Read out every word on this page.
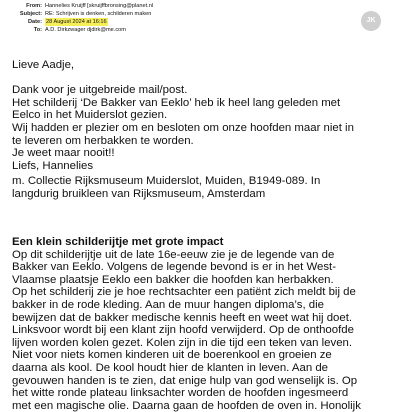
From: Hannelies Kruijff [skruijffbronsing@planet.nl
Subject: RE: Schrijven is denken, schilderen maken
Date: 28 August 2024 at 16:16
To: A.D. Dirkzwager djdirk@me.com
JK
Lieve Aadje,
Dank voor je uitgebreide mail/post.
Het schilderij ‘De Bakker van Eeklo’ heb ik heel lang geleden met
Eelco in het Muiderslot gezien.
Wij hadden er plezier om en besloten om onze hoofden maar niet in
te leveren om herbakken te worden.
Je weet maar nooit!!
Liefs, Hannelies
m. Collectie Rijksmuseum Muiderslot, Muiden, B1949-089. In
langdurig bruikleen van Rijksmuseum, Amsterdam
Een klein schilderijtje met grote impact
Op dit schilderijtje uit de late 16e-eeuw zie je de legende van de
Bakker van Eeklo. Volgens de legende bevond is er in het West-
Vlaamse plaatsje Eeklo een bakker die hoofden kan herbakken.
Op het schilderij zie je hoe rechtsachter een patiënt zich meldt bij de
bakker in de rode kleding. Aan de muur hangen diploma’s, die
bewijzen dat de bakker medische kennis heeft en weet wat hij doet.
Linksvoor wordt bij een klant zijn hoofd verwijderd. Op de onthoofde
lijven worden kolen gezet. Kolen zijn in die tijd een teken van leven.
Niet voor niets komen kinderen uit de boerenkool en groeien ze
daarna als kool. De kool houdt hier de klanten in leven. Aan de
gevouwen handen is te zien, dat enige hulp van god wenselijk is. Op
het witte ronde plateau linksachter worden de hoofden ingesmeerd
met een magische olie. Daarna gaan de hoofden de oven in. Honolijk
